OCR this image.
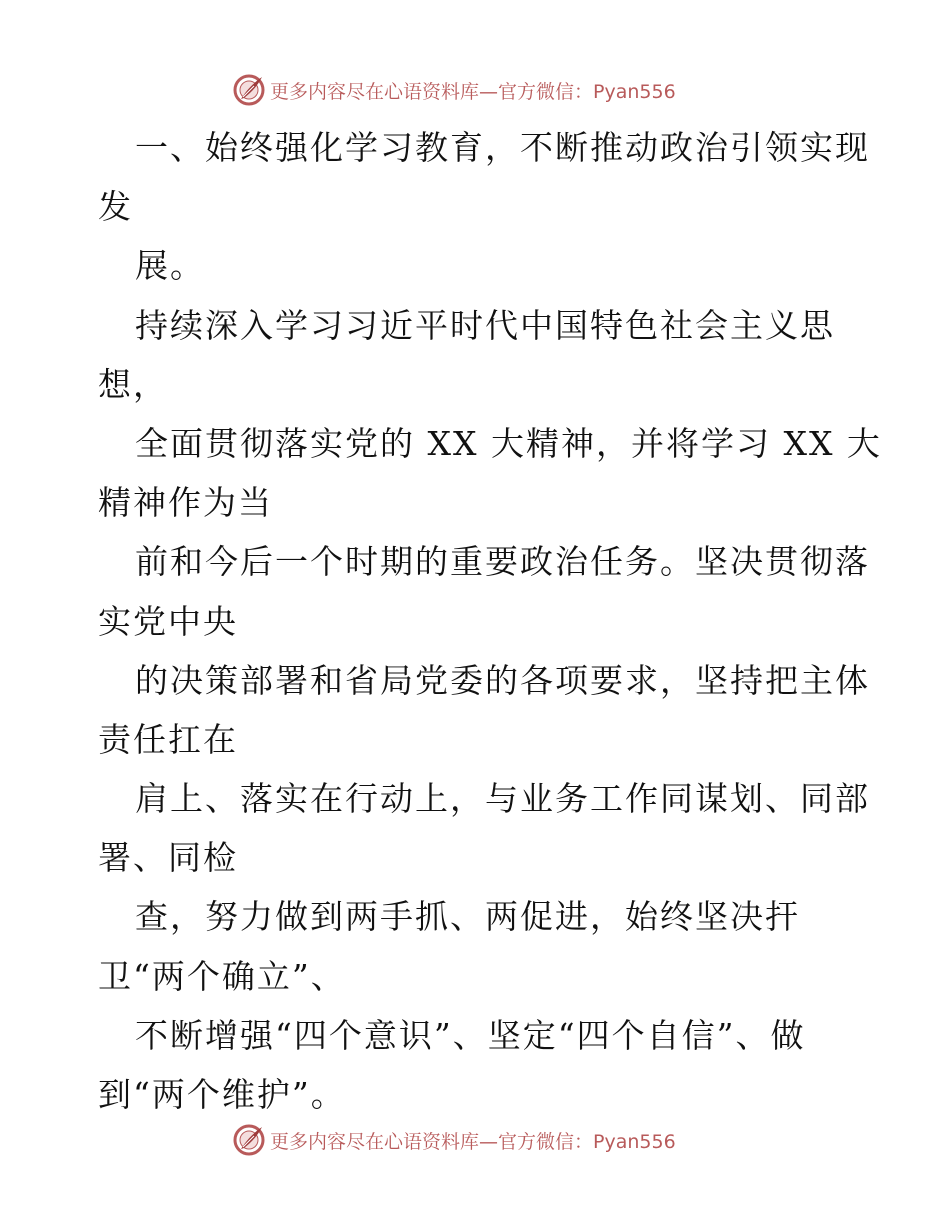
更多内容尽在心语资料库—官方微信：Pyan556
一、始终强化学习教育，不断推动政治引领实现
发
展。
持续深入学习习近平时代中国特色社会主义思
想，
全面贯彻落实党的 XX 大精神，并将学习 XX 大
精神作为当
前和今后一个时期的重要政治任务。坚决贯彻落
实党中央
的决策部署和省局党委的各项要求，坚持把主体
责任扛在
肩上、落实在行动上，与业务工作同谋划、同部
署、同检
查，努力做到两手抓、两促进，始终坚决扞
卫“两个确立”、
不断增强“四个意识”、坚定“四个自信”、做
到“两个维护”。
更多内容尽在心语资料库—官方微信：Pyan556
